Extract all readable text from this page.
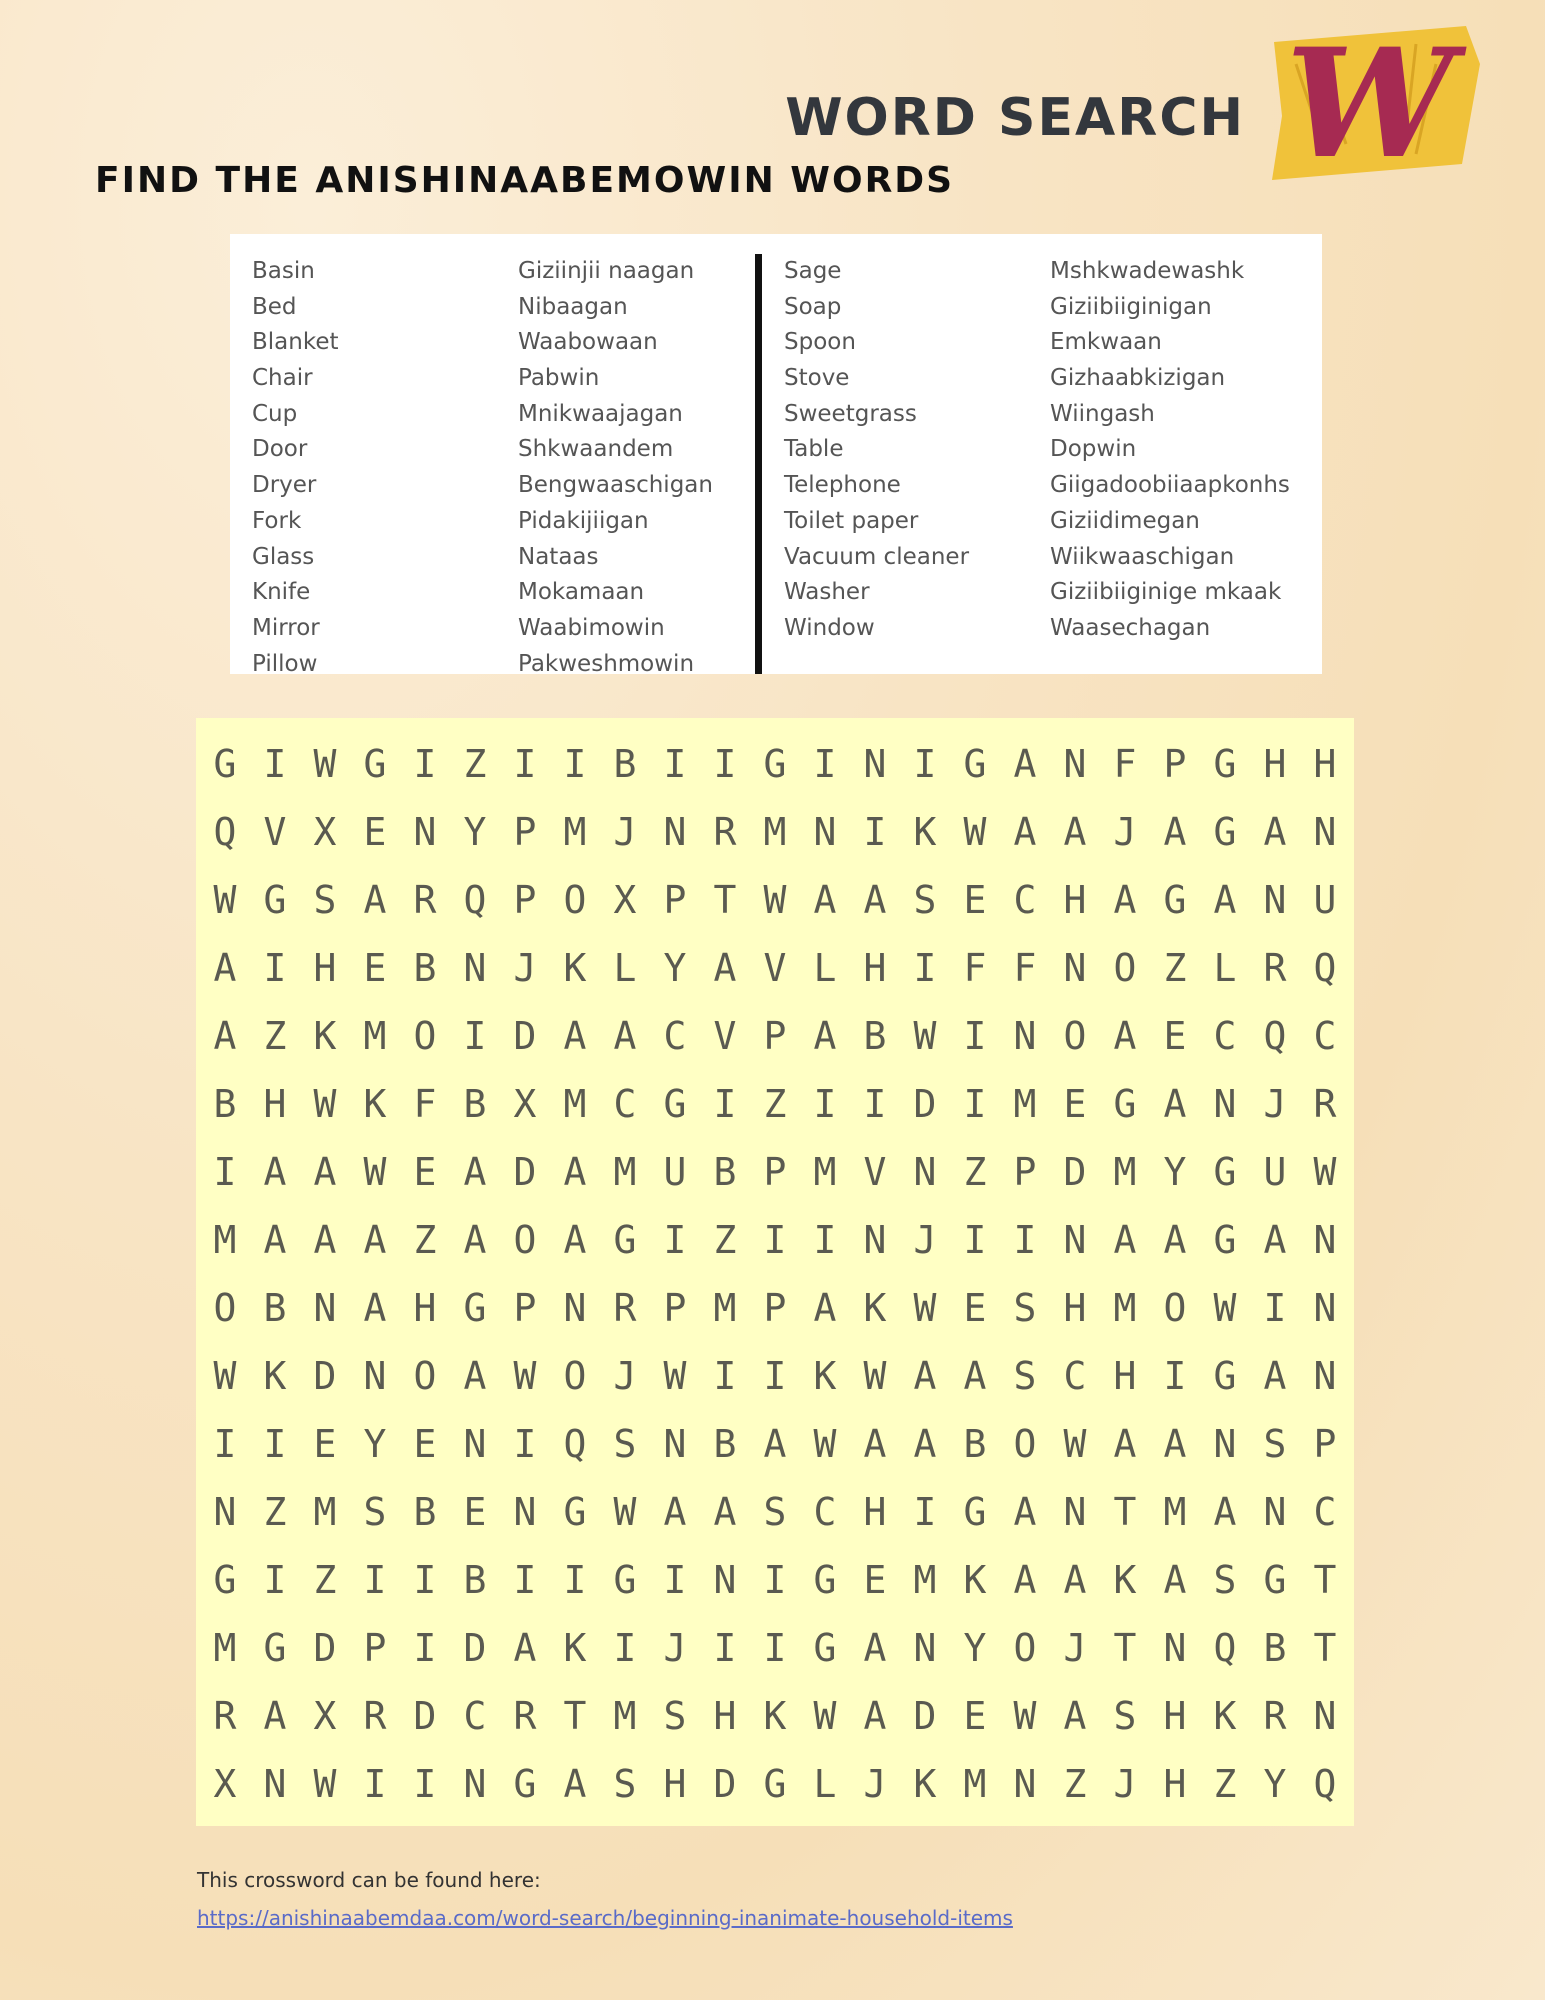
WORD SEARCH W
FIND THE ANISHINAABEMOWIN WORDS
Basin
Bed
Blanket
Chair
Cup
Door
Dryer
Fork
Glass
Knife
Mirror
Pillow
Giziinjii naagan
Nibaagan
Waabowaan
Pabwin
Mnikwaajagan
Shkwaandem
Bengwaaschigan
Pidakijiigan
Nataas
Mokamaan
Waabimowin
Pakweshmowin
Sage
Soap
Spoon
Stove
Sweetgrass
Table
Telephone
Toilet paper
Vacuum cleaner
Washer
Window
Mshkwadewashk
Giziibiiginigan
Emkwaan
Gizhaabkizigan
Wiingash
Dopwin
Giigadoobiiaapkonhs
Giziidimegan
Wiikwaaschigan
Giziibiiginige mkaak
Waasechagan
G I W G I Z I I B I I G I N I G A N F P G H H
Q V X E N Y P M J N R M N I K W A A J A G A N
W G S A R Q P O X P T W A A S E C H A G A N U
A I H E B N J K L Y A V L H I F F N O Z L R Q
A Z K M O I D A A C V P A B W I N O A E C Q C
B H W K F B X M C G I Z I I D I M E G A N J R
I A A W E A D A M U B P M V N Z P D M Y G U W
M A A A Z A O A G I Z I I N J I I N A A G A N
O B N A H G P N R P M P A K W E S H M O W I N
W K D N O A W O J W I I K W A A S C H I G A N
I I E Y E N I Q S N B A W A A B O W A A N S P
N Z M S B E N G W A A S C H I G A N T M A N C
G I Z I I B I I G I N I G E M K A A K A S G T
M G D P I D A K I J I I G A N Y O J T N Q B T
R A X R D C R T M S H K W A D E W A S H K R N
X N W I I N G A S H D G L J K M N Z J H Z Y Q

This crossword can be found here:

https://anishinaabemdaa.com/word-search/beginning-inanimate-household-items
